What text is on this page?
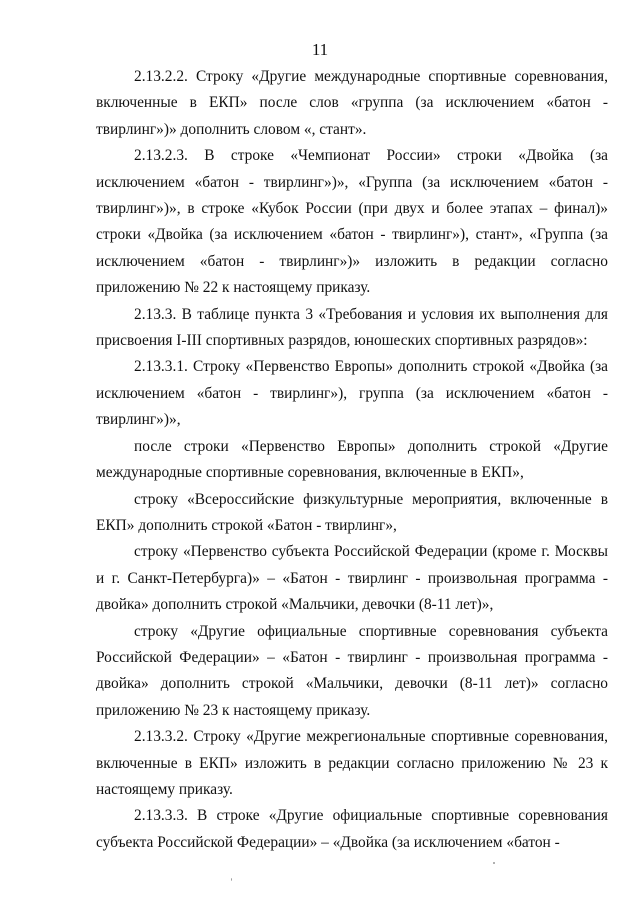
11

2.13.2.2. Строку «Другие международные спортивные соревнования, включенные в ЕКП» после слов «группа (за исключением «батон - твирлинг»)» дополнить словом «, стант».

2.13.2.3. В строке «Чемпионат России» строки «Двойка (за исключением «батон - твирлинг»)», «Группа (за исключением «батон - твирлинг»)», в строке «Кубок России (при двух и более этапах – финал)» строки «Двойка (за исключением «батон - твирлинг»), стант», «Группа (за исключением «батон - твирлинг»)» изложить в редакции согласно приложению № 22 к настоящему приказу.

2.13.3. В таблице пункта 3 «Требования и условия их выполнения для присвоения I-III спортивных разрядов, юношеских спортивных разрядов»:

2.13.3.1. Строку «Первенство Европы» дополнить строкой «Двойка (за исключением «батон - твирлинг»), группа (за исключением «батон - твирлинг»)»,

после строки «Первенство Европы» дополнить строкой «Другие международные спортивные соревнования, включенные в ЕКП»,

строку «Всероссийские физкультурные мероприятия, включенные в ЕКП» дополнить строкой «Батон - твирлинг»,

строку «Первенство субъекта Российской Федерации (кроме г. Москвы и г. Санкт-Петербурга)» – «Батон - твирлинг - произвольная программа - двойка» дополнить строкой «Мальчики, девочки (8-11 лет)»,

строку «Другие официальные спортивные соревнования субъекта Российской Федерации» – «Батон - твирлинг - произвольная программа - двойка» дополнить строкой «Мальчики, девочки (8-11 лет)» согласно приложению № 23 к настоящему приказу.

2.13.3.2. Строку «Другие межрегиональные спортивные соревнования, включенные в ЕКП» изложить в редакции согласно приложению № 23 к настоящему приказу.

2.13.3.3. В строке «Другие официальные спортивные соревнования субъекта Российской Федерации» – «Двойка (за исключением «батон -
